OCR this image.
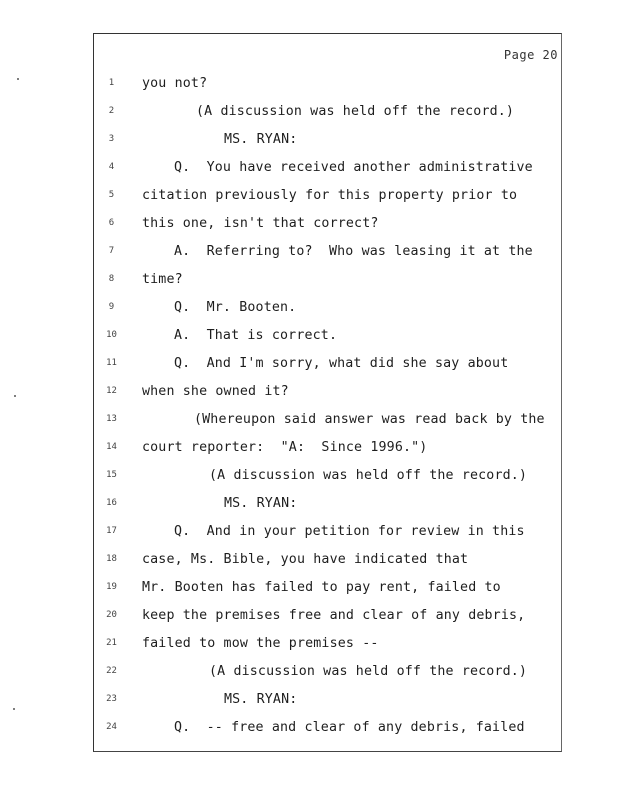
Page 20
1	you not?
2	(A discussion was held off the record.)
3	MS. RYAN:
4	Q.  You have received another administrative
5	citation previously for this property prior to
6	this one, isn't that correct?
7	A.  Referring to?  Who was leasing it at the
8	time?
9	Q.  Mr. Booten.
10	A.  That is correct.
11	Q.  And I'm sorry, what did she say about
12	when she owned it?
13	(Whereupon said answer was read back by the
14	court reporter:  "A:  Since 1996.")
15	(A discussion was held off the record.)
16	MS. RYAN:
17	Q.  And in your petition for review in this
18	case, Ms. Bible, you have indicated that
19	Mr. Booten has failed to pay rent, failed to
20	keep the premises free and clear of any debris,
21	failed to mow the premises --
22	(A discussion was held off the record.)
23	MS. RYAN:
24	Q.  -- free and clear of any debris, failed
